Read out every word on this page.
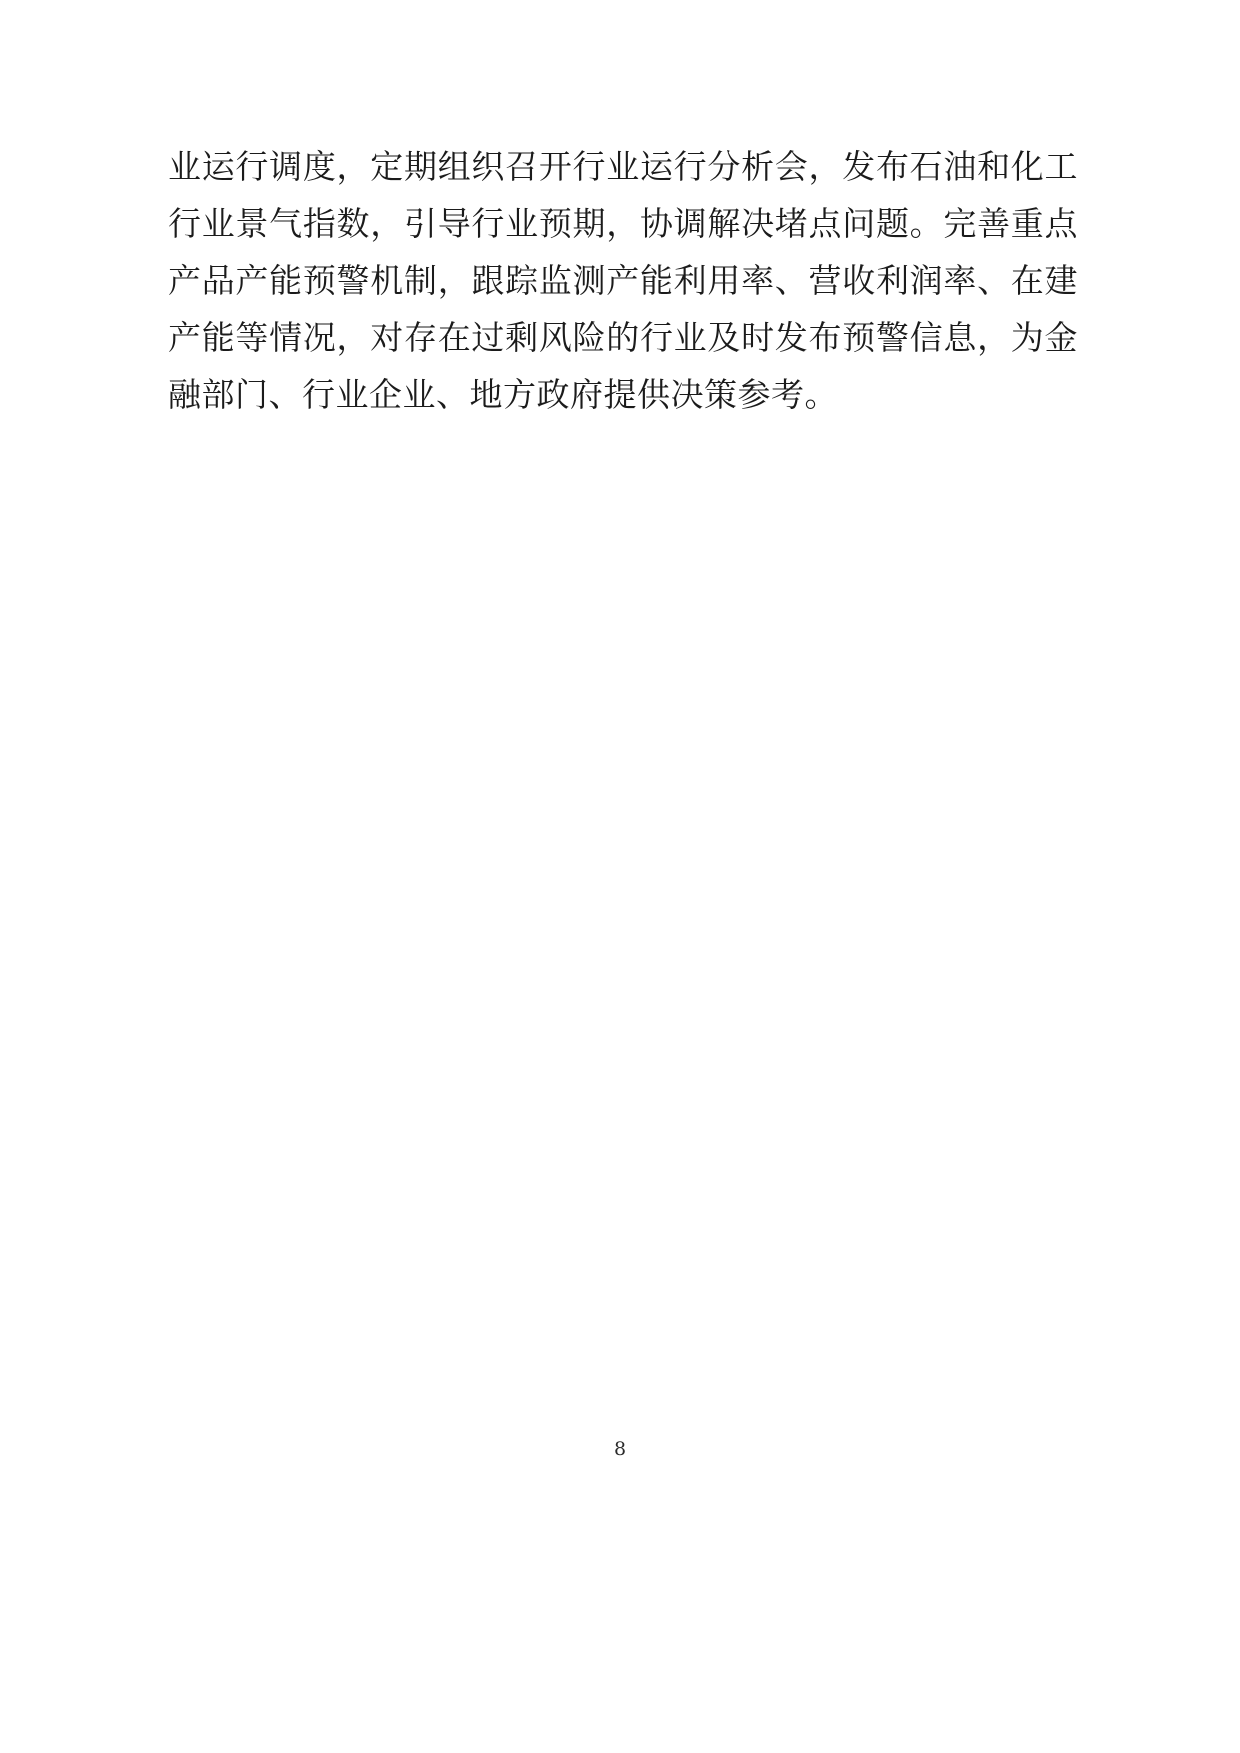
业运行调度，定期组织召开行业运行分析会，发布石油和化工行业景气指数，引导行业预期，协调解决堵点问题。完善重点产品产能预警机制，跟踪监测产能利用率、营收利润率、在建产能等情况，对存在过剩风险的行业及时发布预警信息，为金融部门、行业企业、地方政府提供决策参考。

8
